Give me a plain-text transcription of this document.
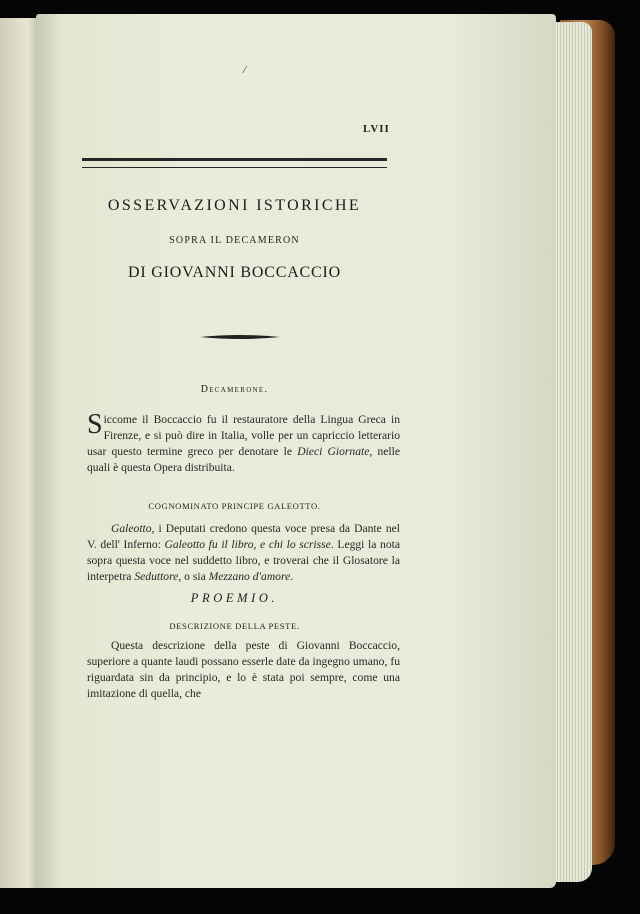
/
LVII
OSSERVAZIONI ISTORICHE
SOPRA IL DECAMERON
DI GIOVANNI BOCCACCIO
Decamerone.
Siccome il Boccaccio fu il restauratore della Lingua Greca in Firenze, e si può dire in Italia, volle per un capriccio letterario usar questo termine greco per denotare le Dieci Giornate, nelle quali è questa Opera distribuita.
COGNOMINATO PRINCIPE GALEOTTO.
Galeotto, i Deputati credono questa voce presa da Dante nel V. dell' Inferno: Galeotto fu il libro, e chi lo scrisse. Leggi la nota sopra questa voce nel suddetto libro, e troverai che il Glosatore la interpetra Seduttore, o sia Mezzano d'amore.
PROEMIO.
DESCRIZIONE DELLA PESTE.
Questa descrizione della peste di Giovanni Boccaccio, superiore a quante laudi possano esserle date da ingegno umano, fu riguardata sin da principio, e lo è stata poi sempre, come una imitazione di quella, che
